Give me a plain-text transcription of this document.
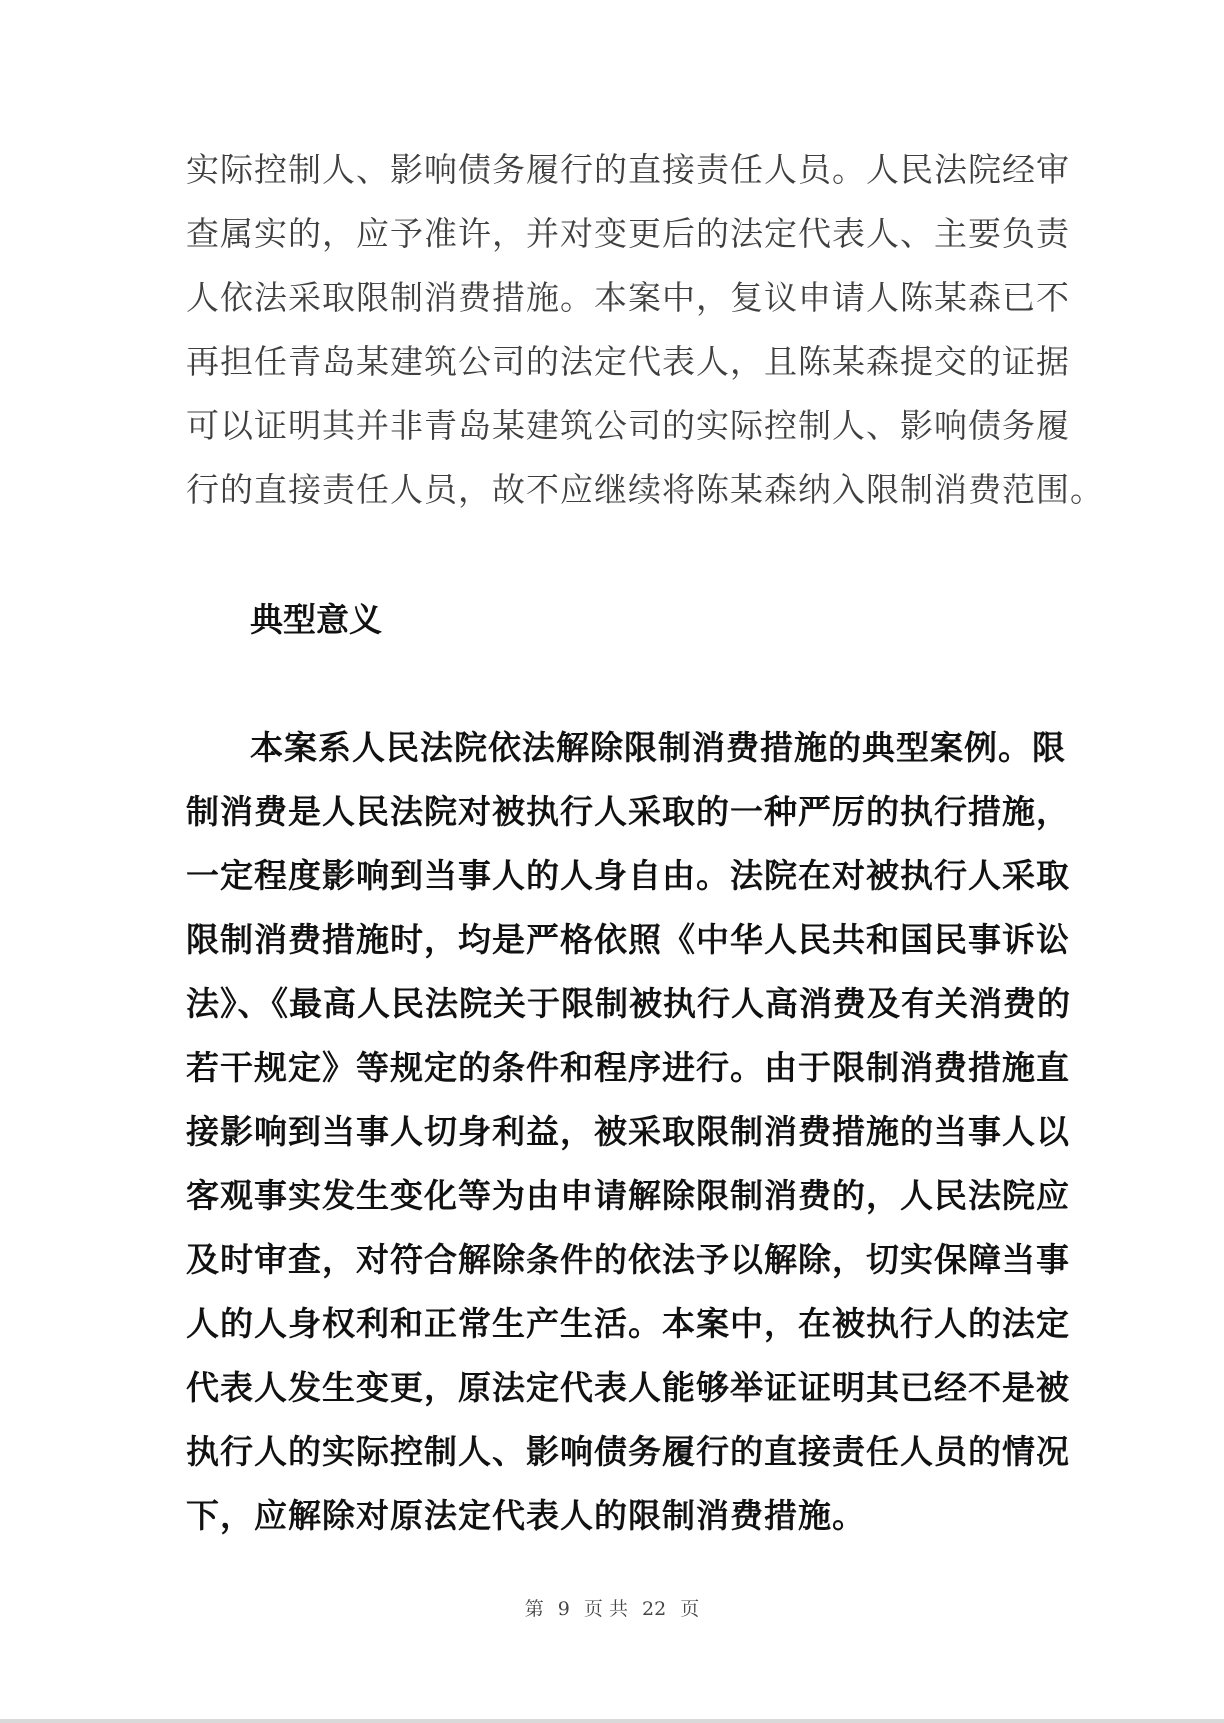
实际控制人、影响债务履行的直接责任人员。人民法院经审

查属实的，应予准许，并对变更后的法定代表人、主要负责

人依法采取限制消费措施。本案中，复议申请人陈某森已不

再担任青岛某建筑公司的法定代表人，且陈某森提交的证据

可以证明其并非青岛某建筑公司的实际控制人、影响债务履

行的直接责任人员，故不应继续将陈某森纳入限制消费范围。

典型意义

本案系人民法院依法解除限制消费措施的典型案例。限

制消费是人民法院对被执行人采取的一种严厉的执行措施，

一定程度影响到当事人的人身自由。法院在对被执行人采取

限制消费措施时，均是严格依照《中华人民共和国民事诉讼

法》、《最高人民法院关于限制被执行人高消费及有关消费的

若干规定》等规定的条件和程序进行。由于限制消费措施直

接影响到当事人切身利益，被采取限制消费措施的当事人以

客观事实发生变化等为由申请解除限制消费的，人民法院应

及时审查，对符合解除条件的依法予以解除，切实保障当事

人的人身权利和正常生产生活。本案中，在被执行人的法定

代表人发生变更，原法定代表人能够举证证明其已经不是被

执行人的实际控制人、影响债务履行的直接责任人员的情况

下，应解除对原法定代表人的限制消费措施。

第 9 页 共 22 页
